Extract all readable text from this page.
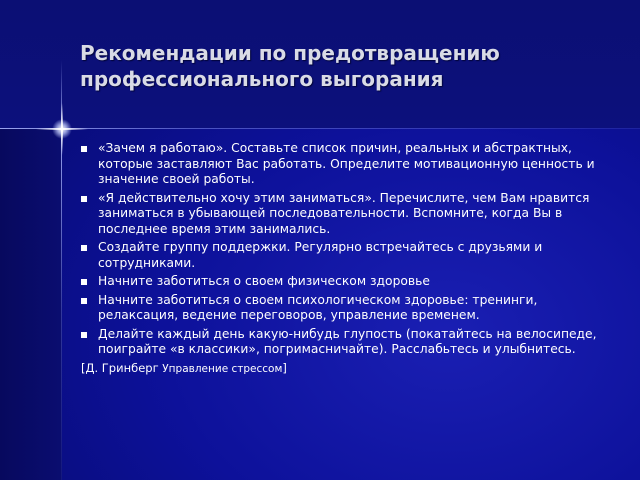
Рекомендации по предотвращению профессионального выгорания
«Зачем я работаю». Составьте список причин, реальных и абстрактных, которые заставляют Вас работать. Определите мотивационную ценность и значение своей работы.
«Я действительно хочу этим заниматься». Перечислите, чем Вам нравится заниматься в убывающей последовательности. Вспомните, когда Вы в последнее время этим занимались.
Создайте группу поддержки. Регулярно встречайтесь с друзьями и сотрудниками.
Начните заботиться о своем физическом здоровье
Начните заботиться о своем психологическом здоровье: тренинги, релаксация, ведение переговоров, управление временем.
Делайте каждый день какую-нибудь глупость (покатайтесь на велосипеде, поиграйте «в классики», погримасничайте). Расслабьтесь и улыбнитесь.
[Д. Гринберг Управление стрессом]
